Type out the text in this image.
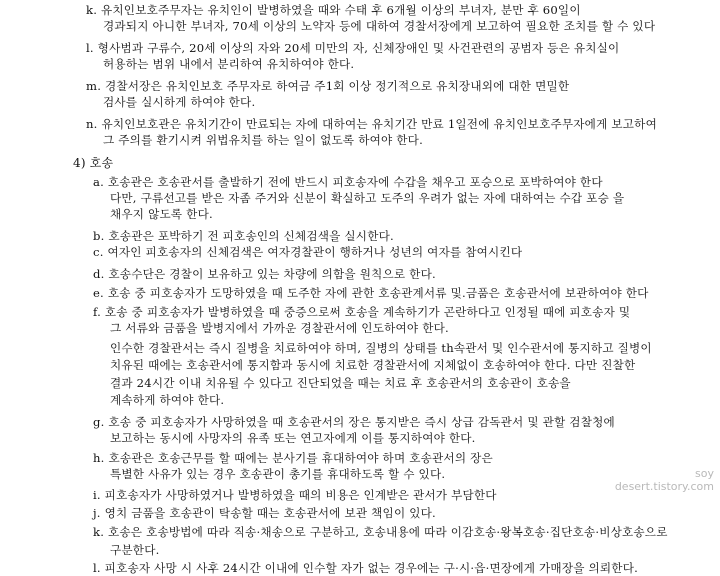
k. 유치인보호주무자는 유치인이 발병하였을 때와 수태 후 6개월 이상의 부녀자, 분만 후 60일이
경과되지 아니한 부녀자, 70세 이상의 노약자 등에 대하여 경찰서장에게 보고하여 필요한 조치를 할 수 있다
l. 형사범과 구류수, 20세 이상의 자와 20세 미만의 자, 신체장애인 및 사건관련의 공범자 등은 유치실이
허용하는 범위 내에서 분리하여 유치하여야 한다.
m. 경찰서장은 유치인보호 주무자로 하여금 주1회 이상 정기적으로 유치장내외에 대한 면밀한
검사를 실시하게 하여야 한다.
n. 유치인보호관은 유치기간이 만료되는 자에 대하여는 유치기간 만료 1일전에 유치인보호주무자에게 보고하여
그 주의를 환기시켜 위법유치를 하는 일이 없도록 하여야 한다.
4) 호송
a. 호송관은 호송관서를 출발하기 전에 반드시 피호송자에 수갑을 채우고 포승으로 포박하여야 한다
다만, 구류선고를 받은 자좀 주거와 신분이 확실하고 도주의 우려가 없는 자에 대하여는 수갑 포승 을
채우지 않도록 한다.
b. 호송관은 포박하기 전 피호송인의 신체검색을 실시한다.
c. 여자인 피호송자의 신체검색은 여자경찰관이 행하거나 성년의 여자를 참여시킨다
d. 호송수단은 경찰이 보유하고 있는 차량에 의함을 원칙으로 한다.
e. 호송 중 피호송자가 도망하였을 때 도주한 자에 관한 호송관계서류 및.금품은 호송관서에 보관하여야 한다
f. 호송 중 피호송자가 발병하였을 때 중증으로써 호송을 계속하기가 곤란하다고 인정될 때에 피호송자 및
그 서류와 금품을 발병지에서 가까운 경찰관서에 인도하여야 한다.
인수한 경찰관서는 즉시 질병을 치료하여야 하며, 질병의 상태를 th속관서 및 인수관서에 통지하고 질병이
치유된 때에는 호송관서에 통지함과 동시에 치료한 경찰관서에 지체없이 호송하여야 한다. 다만 진찰한
결과 24시간 이내 치유될 수 있다고 진단되었을 때는 치료 후 호송관서의 호송관이 호송을
계속하게 하여야 한다.
g. 호송 중 피호송자가 사망하였을 때 호송관서의 장은 통지받은 즉시 상급 감독관서 및 관할 검찰청에
보고하는 동시에 사망자의 유족 또는 연고자에게 이를 통지하여야 한다.
h. 호송관은 호송근무를 할 때에는 분사기를 휴대하여야 하며 호송관서의 장은
특별한 사유가 있는 경우 호송관이 총기를 휴대하도록 할 수 있다.
i. 피호송자가 사망하였거나 발병하였을 때의 비용은 인계받은 관서가 부담한다
j. 영치 금품을 호송관이 탁송할 때는 호송관서에 보관 책임이 있다.
k. 호송은 호송방법에 따라 직송·채송으로 구분하고, 호송내용에 따라 이감호송·왕복호송·집단호송·비상호송으로
구분한다.
l. 피호송자 사망 시 사후 24시간 이내에 인수할 자가 없는 경우에는 구·시·읍·면장에게 가매장을 의뢰한다.
soy
desert.tistory.com
